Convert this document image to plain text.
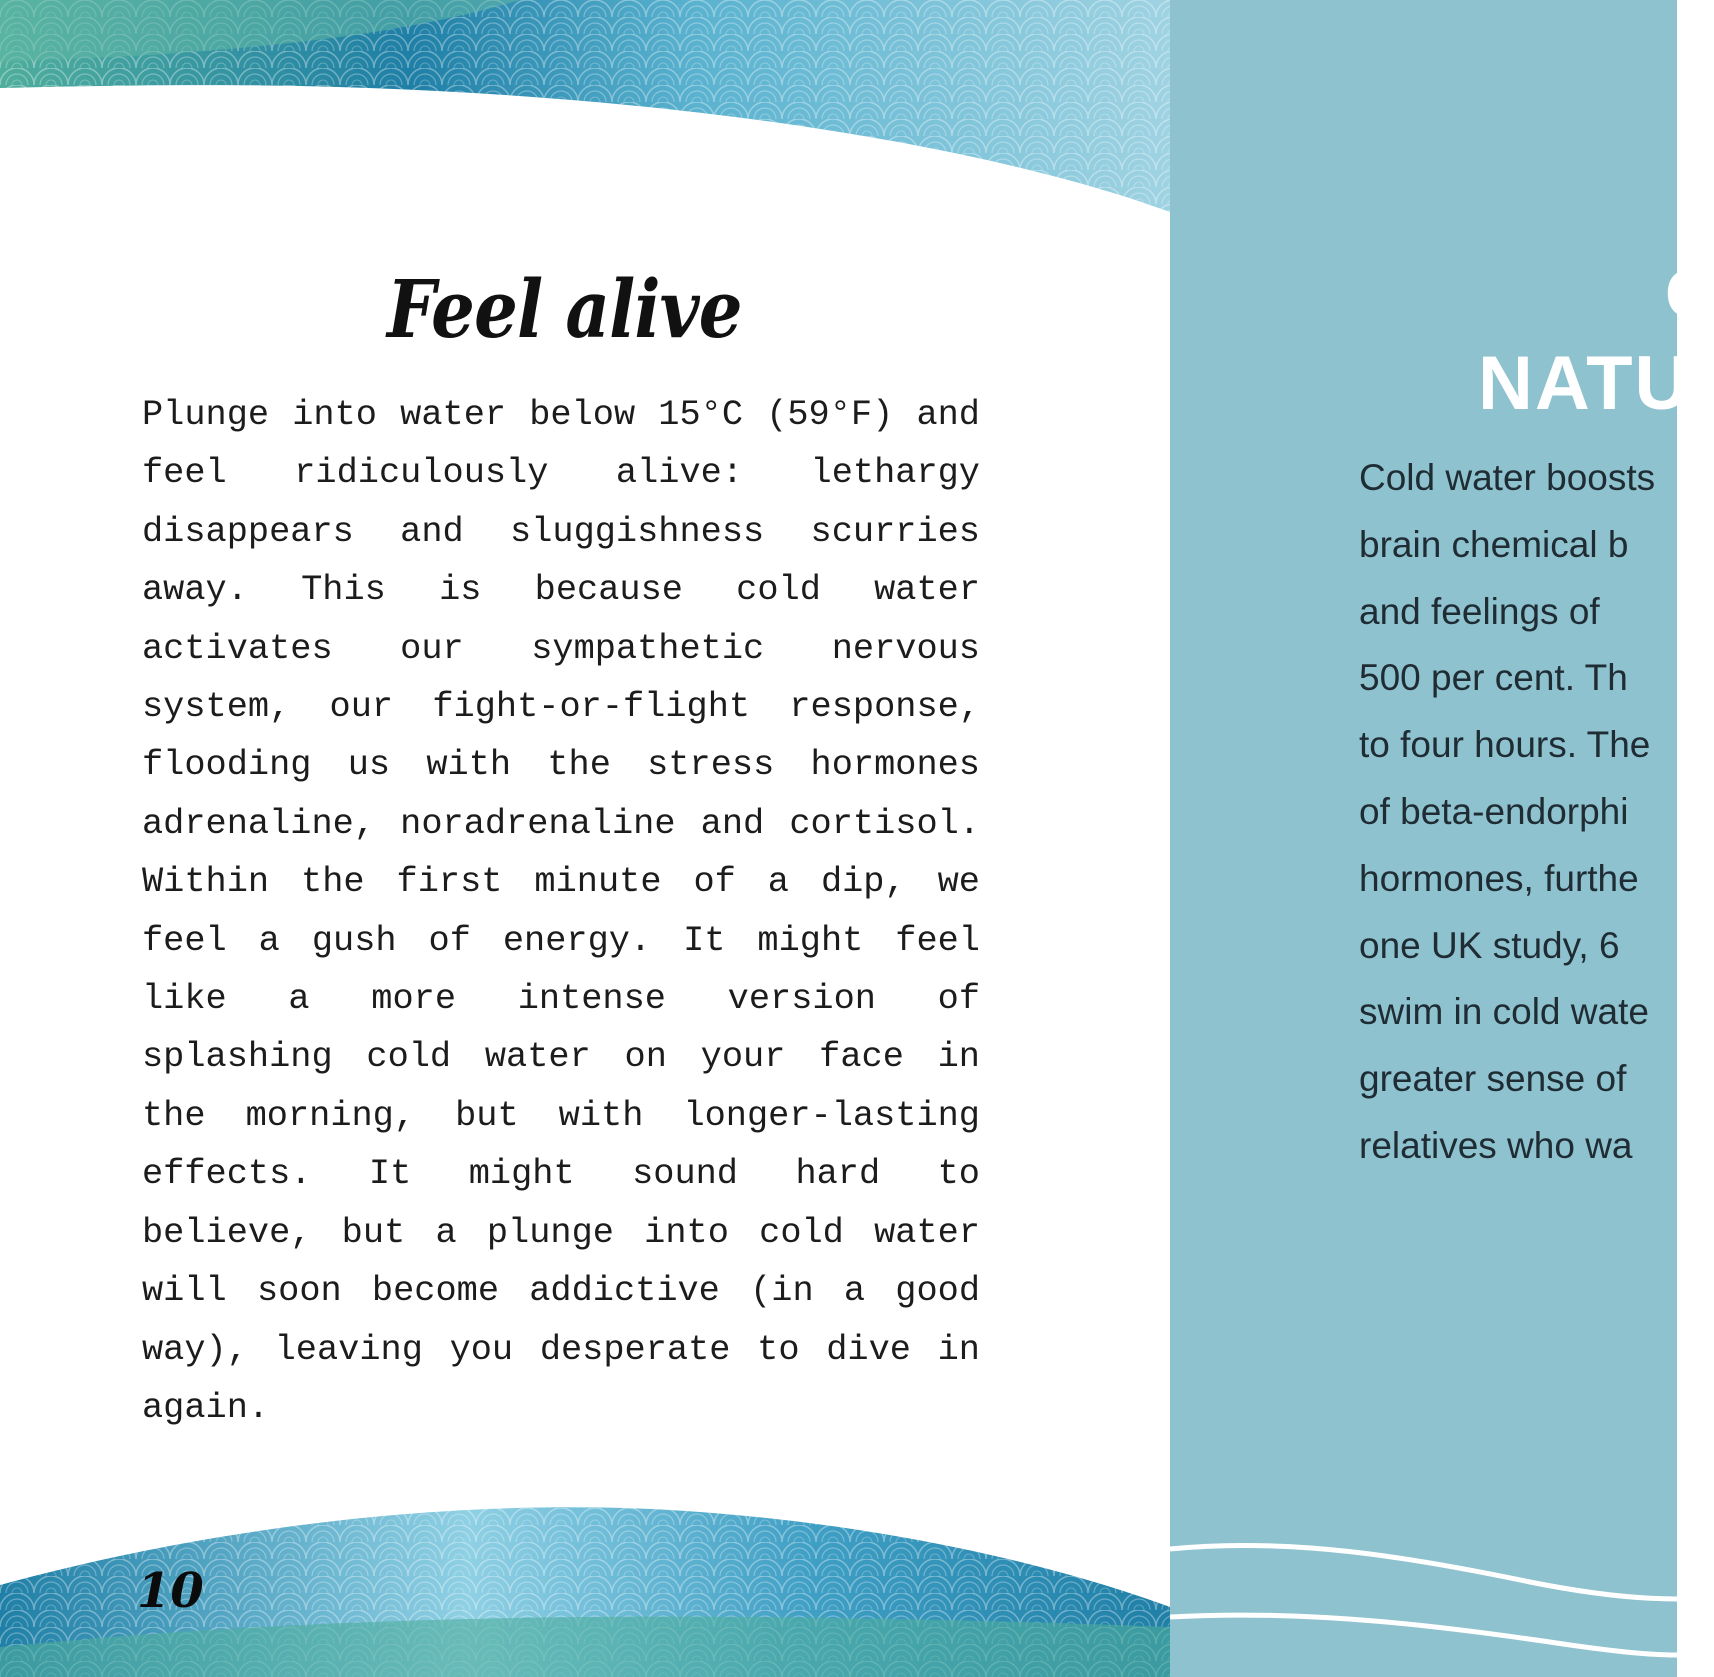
Feel alive

Plunge into water below 15°C (59°F) and feel ridiculously alive: lethargy disappears and sluggishness scurries away. This is because cold water activates our sympathetic nervous system, our fight-or-flight response, flooding us with the stress hormones adrenaline, noradrenaline and cortisol. Within the first minute of a dip, we feel a gush of energy. It might feel like a more intense version of splashing cold water on your face in the morning, but with longer-lasting effects. It might sound hard to believe, but a plunge into cold water will soon become addictive (in a good way), leaving you desperate to dive in again.

10
C
NATU
Cold water boosts
brain chemical b
and feelings of
500 per cent. Th
to four hours. The
of beta-endorphi
hormones, furthe
one UK study, 6
swim in cold wate
greater sense of
relatives who wa
